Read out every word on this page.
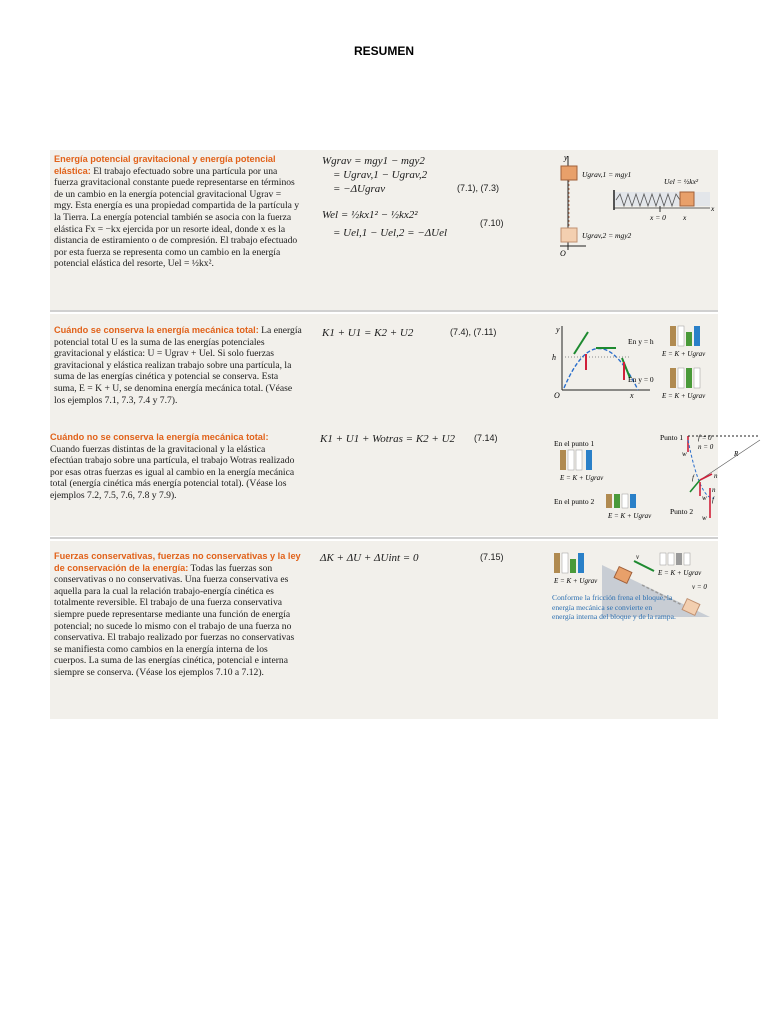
RESUMEN
Energía potencial gravitacional y energía potencial elástica: El trabajo efectuado sobre una partícula por una fuerza gravitacional constante puede representarse en términos de un cambio en la energía potencial gravitacional Ugrav = mgy. Esta energía es una propiedad compartida de la partícula y la Tierra. La energía potencial también se asocia con la fuerza elástica Fx = −kx ejercida por un resorte ideal, donde x es la distancia de estiramiento o de compresión. El trabajo efectuado por esta fuerza se representa como un cambio en la energía potencial elástica del resorte, Uel = ½kx².
Wgrav = mgy1 − mgy2
= Ugrav,1 − Ugrav,2
= −ΔUgrav	(7.1), (7.3)
Wel = ½kx1² − ½kx2²
= Uel,1 − Uel,2 = −ΔUel
(7.10)
y
Ugrav,1 = mgy1
Ugrav,2 = mgy2
O
Uel = ½kx²
x = 0 x
x
Cuándo se conserva la energía mecánica total: La energía potencial total U es la suma de las energías potenciales gravitacional y elástica: U = Ugrav + Uel. Si solo fuerzas gravitacional y elástica realizan trabajo sobre una partícula, la suma de las energías cinética y potencial se conserva. Esta suma, E = K + U, se denomina energía mecánica total. (Véase los ejemplos 7.1, 7.3, 7.4 y 7.7).
K1 + U1 = K2 + U2	(7.4), (7.11)	y
h
O	x
En y = h
E = K + Ugrav
En y = 0
E = K + Ugrav
Cuándo no se conserva la energía mecánica total: Cuando fuerzas distintas de la gravitacional y la elástica efectúan trabajo sobre una partícula, el trabajo Wotras realizado por esas otras fuerzas es igual al cambio en la energía mecánica total (energía cinética más energía potencial total). (Véase los ejemplos 7.2, 7.5, 7.6, 7.8 y 7.9).
K1 + U1 + Wotras = K2 + U2 (7.14)
En el punto 1
E = K + Ugrav
En el punto 2
E = K + Ugrav
Punto 1 f = 0
n = 0
w	R
f	n
w
n
f
Punto 2
w
Fuerzas conservativas, fuerzas no conservativas y la ley de conservación de la energía: Todas las fuerzas son conservativas o no conservativas. Una fuerza conservativa es aquella para la cual la relación trabajo-energía cinética es totalmente reversible. El trabajo de una fuerza conservativa siempre puede representarse mediante una función de energía potencial; no sucede lo mismo con el trabajo de una fuerza no conservativa. El trabajo realizado por fuerzas no conservativas se manifiesta como cambios en la energía interna de los cuerpos. La suma de las energías cinética, potencial e interna siempre se conserva. (Véase los ejemplos 7.10 a 7.12).
ΔK + ΔU + ΔUint = 0	(7.15)
E = K + Ugrav
v
E = K + Ugrav
v = 0
Conforme la fricción frena el bloque, la energía mecánica se convierte en energía interna del bloque y de la rampa.
